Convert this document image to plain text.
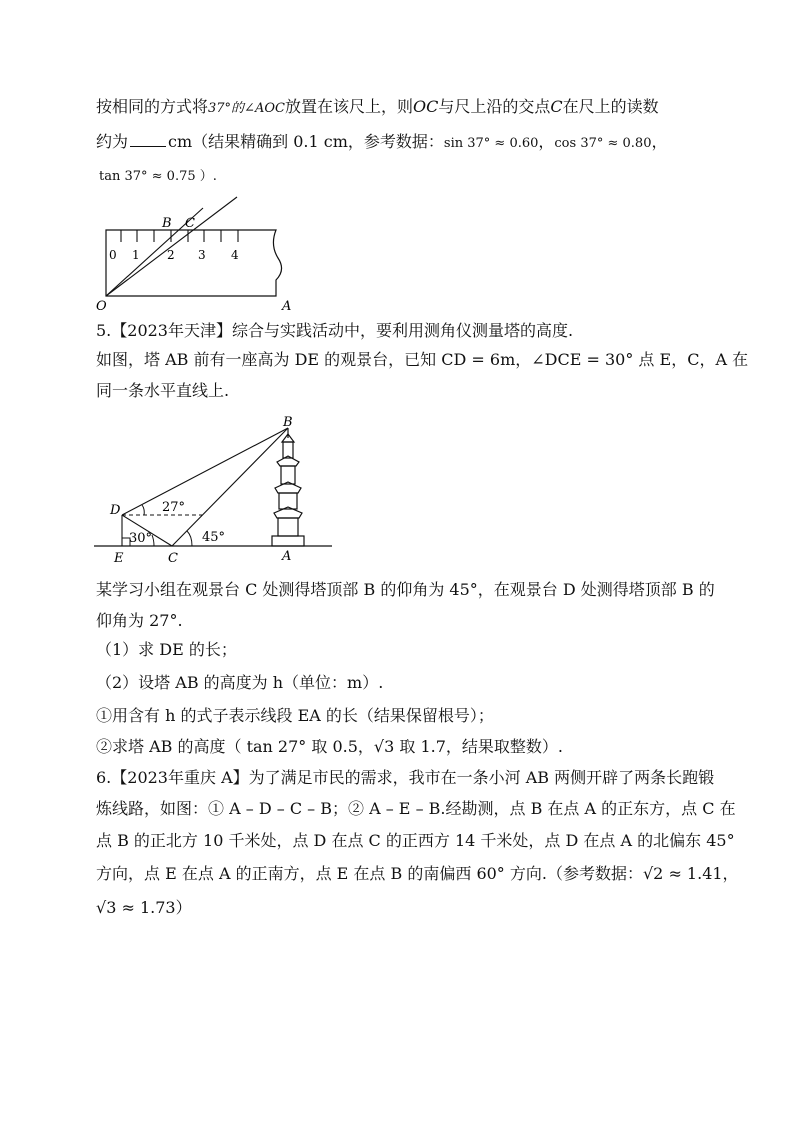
按相同的方式将37°的∠AOC放置在该尺上，则OC与尺上沿的交点C在尺上的读数
约为	cm（结果精确到 0.1 cm，参考数据：sin 37° ≈ 0.60，cos 37° ≈ 0.80，
tan 37° ≈ 0.75 ）.
0 1 2 3 4
B C
O	A
5.【2023年天津】综合与实践活动中，要利用测角仪测量塔的高度.
如图，塔 AB 前有一座高为 DE 的观景台，已知 CD = 6m，∠DCE = 30° 点 E，C，A 在
同一条水平直线上.
B
D
E	C	A
27°
30°	45°
某学习小组在观景台 C 处测得塔顶部 B 的仰角为 45°，在观景台 D 处测得塔顶部 B 的
仰角为 27°.
（1）求 DE 的长；
（2）设塔 AB 的高度为 h（单位：m）.
①用含有 h 的式子表示线段 EA 的长（结果保留根号）；
②求塔 AB 的高度（ tan 27° 取 0.5，√3 取 1.7，结果取整数）.
6.【2023年重庆 A】为了满足市民的需求，我市在一条小河 AB 两侧开辟了两条长跑锻
炼线路，如图：① A – D – C – B；② A – E – B.经勘测，点 B 在点 A 的正东方，点 C 在
点 B 的正北方 10 千米处，点 D 在点 C 的正西方 14 千米处，点 D 在点 A 的北偏东 45°
方向，点 E 在点 A 的正南方，点 E 在点 B 的南偏西 60° 方向.（参考数据：√2 ≈ 1.41，
√3 ≈ 1.73）
